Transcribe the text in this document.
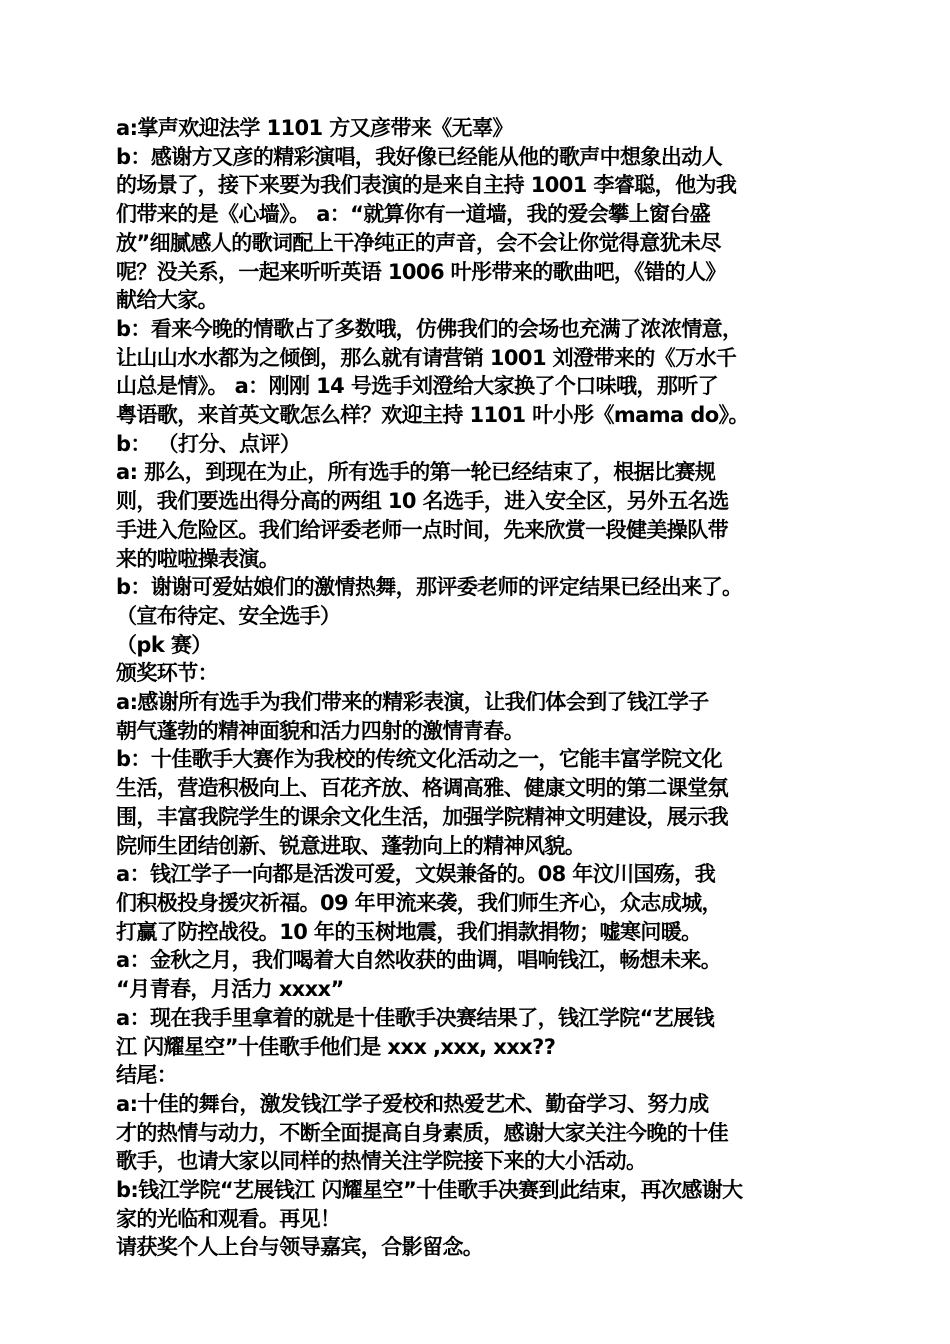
a:掌声欢迎法学 1101 方又彦带来《无辜》
b：感谢方又彦的精彩演唱，我好像已经能从他的歌声中想象出动人
的场景了，接下来要为我们表演的是来自主持 1001 李睿聪，他为我
们带来的是《心墙》。 a：“就算你有一道墙，我的爱会攀上窗台盛
放”细腻感人的歌词配上干净纯正的声音，会不会让你觉得意犹未尽
呢？没关系，一起来听听英语 1006 叶彤带来的歌曲吧，《错的人》
献给大家。
b：看来今晚的情歌占了多数哦，仿佛我们的会场也充满了浓浓情意，
让山山水水都为之倾倒，那么就有请营销 1001 刘澄带来的《万水千
山总是情》。 a：刚刚 14 号选手刘澄给大家换了个口味哦，那听了
粤语歌，来首英文歌怎么样？欢迎主持 1101 叶小彤《mama do》。
b： （打分、点评）
a: 那么，到现在为止，所有选手的第一轮已经结束了，根据比赛规
则，我们要选出得分高的两组 10 名选手，进入安全区，另外五名选
手进入危险区。我们给评委老师一点时间，先来欣赏一段健美操队带
来的啦啦操表演。
b：谢谢可爱姑娘们的激情热舞，那评委老师的评定结果已经出来了。
（宣布待定、安全选手）
（pk 赛）
颁奖环节：
a:感谢所有选手为我们带来的精彩表演，让我们体会到了钱江学子
朝气蓬勃的精神面貌和活力四射的激情青春。
b：十佳歌手大赛作为我校的传统文化活动之一，它能丰富学院文化
生活，营造积极向上、百花齐放、格调高雅、健康文明的第二课堂氛
围，丰富我院学生的课余文化生活，加强学院精神文明建设，展示我
院师生团结创新、锐意进取、蓬勃向上的精神风貌。
a：钱江学子一向都是活泼可爱，文娱兼备的。08 年汶川国殇，我
们积极投身援灾祈福。09 年甲流来袭，我们师生齐心，众志成城，
打赢了防控战役。10 年的玉树地震，我们捐款捐物；嘘寒问暖。
a：金秋之月，我们喝着大自然收获的曲调，唱响钱江，畅想未来。
“月青春，月活力 xxxx”
a：现在我手里拿着的就是十佳歌手决赛结果了，钱江学院“艺展钱
江 闪耀星空”十佳歌手他们是 xxx ,xxx, xxx??
结尾：
a:十佳的舞台，激发钱江学子爱校和热爱艺术、勤奋学习、努力成
才的热情与动力，不断全面提高自身素质，感谢大家关注今晚的十佳
歌手，也请大家以同样的热情关注学院接下来的大小活动。
b:钱江学院“艺展钱江 闪耀星空”十佳歌手决赛到此结束，再次感谢大
家的光临和观看。再见！
请获奖个人上台与领导嘉宾，合影留念。
